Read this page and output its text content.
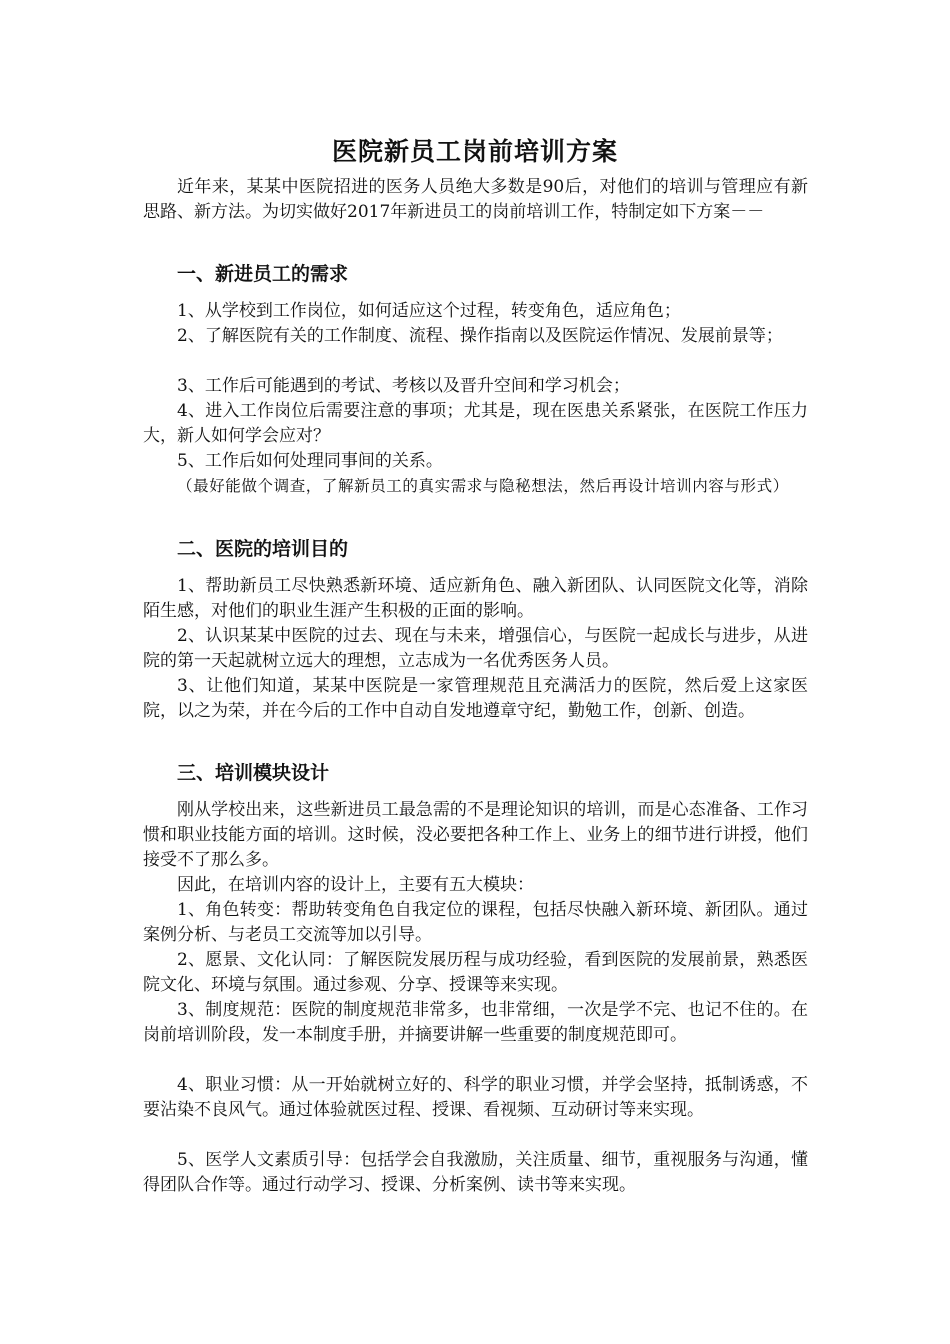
医院新员工岗前培训方案

近年来，某某中医院招进的医务人员绝大多数是90后，对他们的培训与管理应有新思路、新方法。为切实做好2017年新进员工的岗前培训工作，特制定如下方案－－

一、新进员工的需求

1、从学校到工作岗位，如何适应这个过程，转变角色，适应角色；

2、了解医院有关的工作制度、流程、操作指南以及医院运作情况、发展前景等；

3、工作后可能遇到的考试、考核以及晋升空间和学习机会；

4、进入工作岗位后需要注意的事项；尤其是，现在医患关系紧张，在医院工作压力大，新人如何学会应对？

5、工作后如何处理同事间的关系。

（最好能做个调查，了解新员工的真实需求与隐秘想法，然后再设计培训内容与形式）

二、医院的培训目的

1、帮助新员工尽快熟悉新环境、适应新角色、融入新团队、认同医院文化等，消除陌生感，对他们的职业生涯产生积极的正面的影响。

2、认识某某中医院的过去、现在与未来，增强信心，与医院一起成长与进步，从进院的第一天起就树立远大的理想，立志成为一名优秀医务人员。

3、让他们知道，某某中医院是一家管理规范且充满活力的医院，然后爱上这家医院，以之为荣，并在今后的工作中自动自发地遵章守纪，勤勉工作，创新、创造。

三、培训模块设计

刚从学校出来，这些新进员工最急需的不是理论知识的培训，而是心态准备、工作习惯和职业技能方面的培训。这时候，没必要把各种工作上、业务上的细节进行讲授，他们接受不了那么多。

因此，在培训内容的设计上，主要有五大模块：

1、角色转变：帮助转变角色自我定位的课程，包括尽快融入新环境、新团队。通过案例分析、与老员工交流等加以引导。

2、愿景、文化认同：了解医院发展历程与成功经验，看到医院的发展前景，熟悉医院文化、环境与氛围。通过参观、分享、授课等来实现。

3、制度规范：医院的制度规范非常多，也非常细，一次是学不完、也记不住的。在岗前培训阶段，发一本制度手册，并摘要讲解一些重要的制度规范即可。

4、职业习惯：从一开始就树立好的、科学的职业习惯，并学会坚持，抵制诱惑，不要沾染不良风气。通过体验就医过程、授课、看视频、互动研讨等来实现。

5、医学人文素质引导：包括学会自我激励，关注质量、细节，重视服务与沟通，懂得团队合作等。通过行动学习、授课、分析案例、读书等来实现。
